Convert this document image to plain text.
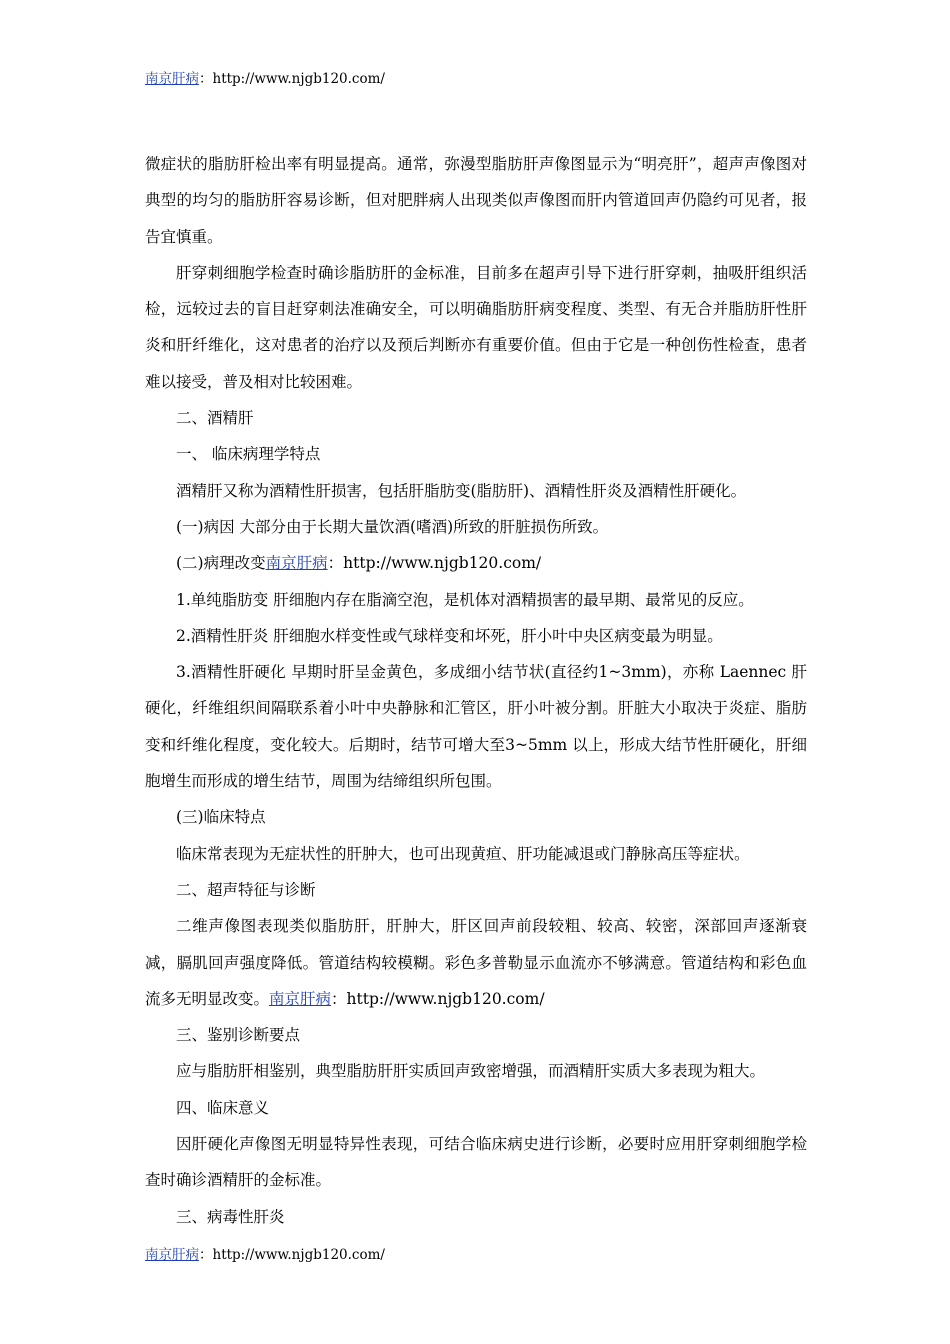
南京肝病：http://www.njgb120.com/

微症状的脂肪肝检出率有明显提高。通常，弥漫型脂肪肝声像图显示为“明亮肝”，超声声像图对典型的均匀的脂肪肝容易诊断，但对肥胖病人出现类似声像图而肝内管道回声仍隐约可见者，报告宜慎重。

肝穿刺细胞学检查时确诊脂肪肝的金标准，目前多在超声引导下进行肝穿刺，抽吸肝组织活检，远较过去的盲目赶穿刺法准确安全，可以明确脂肪肝病变程度、类型、有无合并脂肪肝性肝炎和肝纤维化，这对患者的治疗以及预后判断亦有重要价值。但由于它是一种创伤性检查，患者难以接受，普及相对比较困难。

二、酒精肝

一、 临床病理学特点

酒精肝又称为酒精性肝损害，包括肝脂肪变(脂肪肝)、酒精性肝炎及酒精性肝硬化。

(一)病因 大部分由于长期大量饮酒(嗜酒)所致的肝脏损伤所致。

(二)病理改变南京肝病：http://www.njgb120.com/

1.单纯脂肪变 肝细胞内存在脂滴空泡，是机体对酒精损害的最早期、最常见的反应。

2.酒精性肝炎 肝细胞水样变性或气球样变和坏死，肝小叶中央区病变最为明显。

3.酒精性肝硬化 早期时肝呈金黄色，多成细小结节状(直径约1~3mm)，亦称 Laennec 肝硬化，纤维组织间隔联系着小叶中央静脉和汇管区，肝小叶被分割。肝脏大小取决于炎症、脂肪变和纤维化程度，变化较大。后期时，结节可增大至3~5mm 以上，形成大结节性肝硬化，肝细胞增生而形成的增生结节，周围为结缔组织所包围。

(三)临床特点

临床常表现为无症状性的肝肿大，也可出现黄疸、肝功能减退或门静脉高压等症状。

二、超声特征与诊断

二维声像图表现类似脂肪肝，肝肿大，肝区回声前段较粗、较高、较密，深部回声逐渐衰减，膈肌回声强度降低。管道结构较模糊。彩色多普勒显示血流亦不够满意。管道结构和彩色血流多无明显改变。南京肝病：http://www.njgb120.com/

三、鉴别诊断要点

应与脂肪肝相鉴别，典型脂肪肝肝实质回声致密增强，而酒精肝实质大多表现为粗大。

四、临床意义

因肝硬化声像图无明显特异性表现，可结合临床病史进行诊断，必要时应用肝穿刺细胞学检查时确诊酒精肝的金标准。

三、病毒性肝炎

南京肝病：http://www.njgb120.com/
